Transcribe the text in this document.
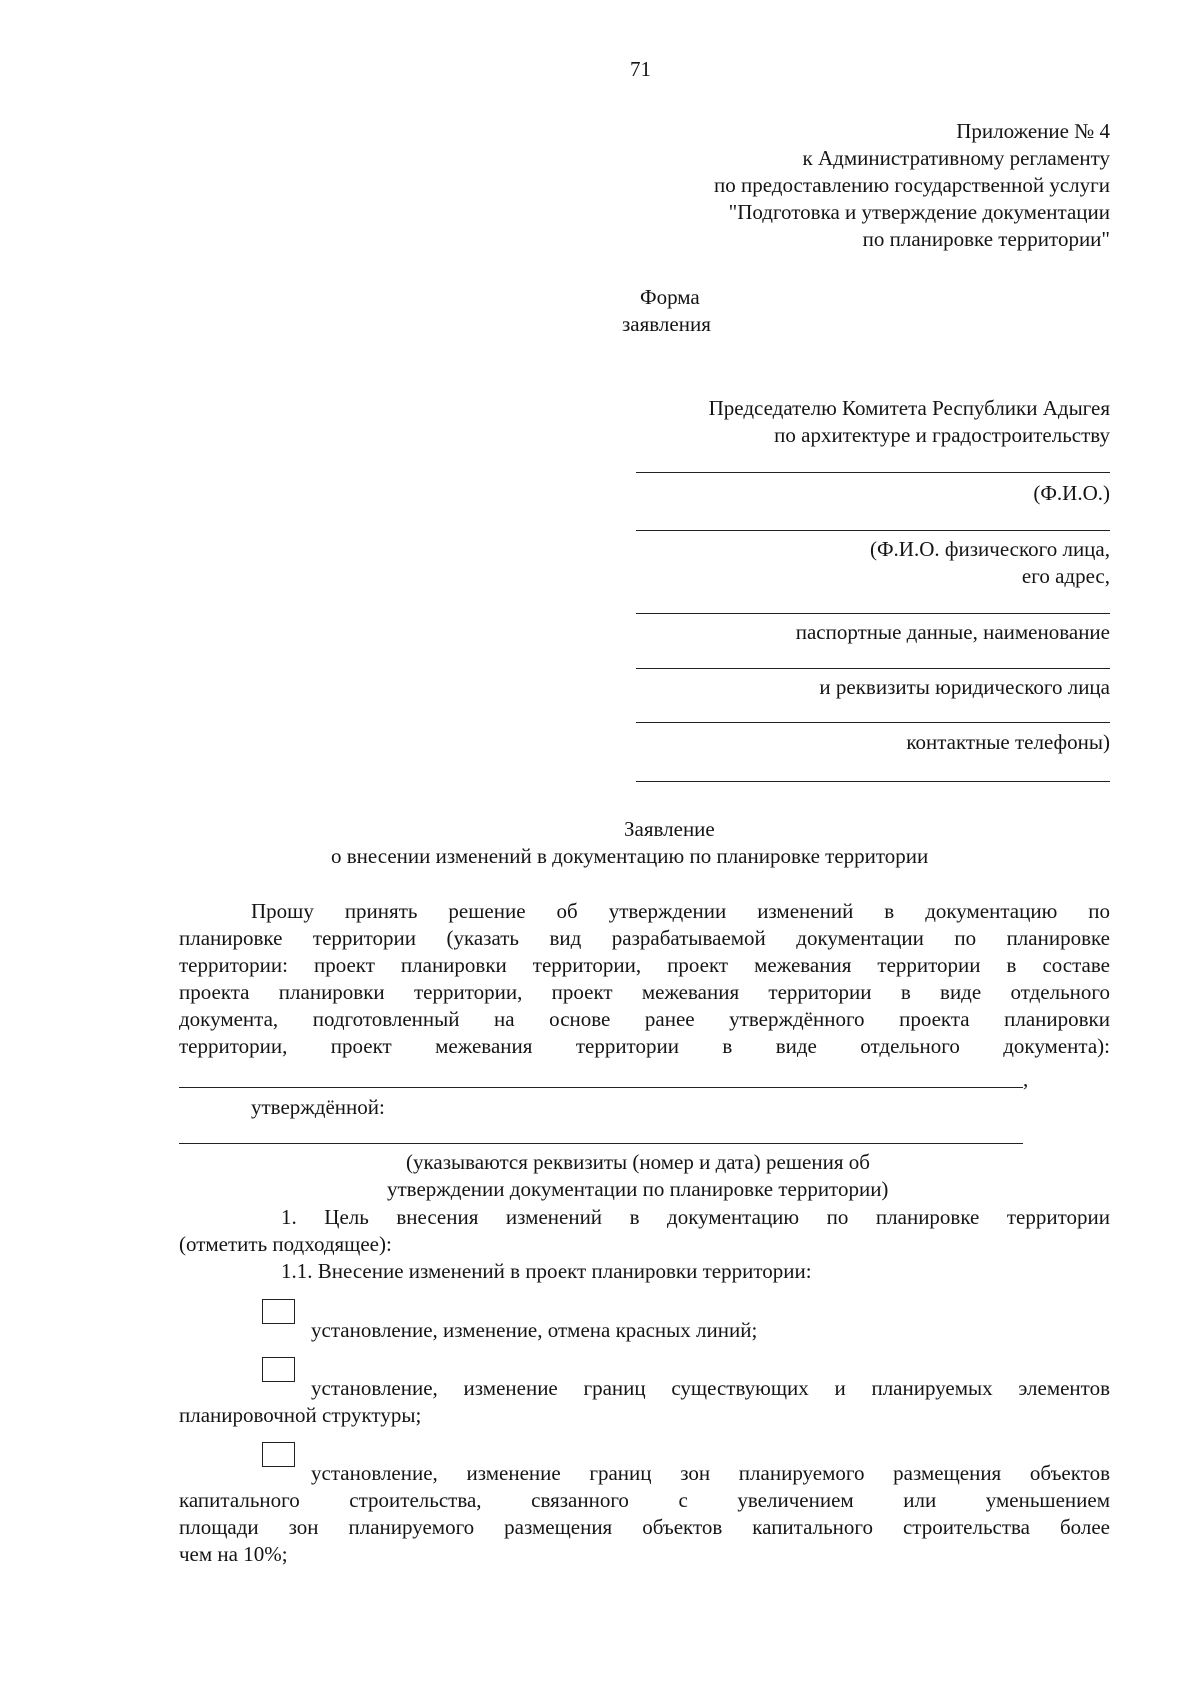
71
Приложение № 4
к Административному регламенту
по предоставлению государственной услуги
"Подготовка и утверждение документации
по планировке территории"
Форма
заявления
Председателю Комитета Республики Адыгея
по архитектуре и градостроительству
(Ф.И.О.)
(Ф.И.О. физического лица,
его адрес,
паспортные данные, наименование
и реквизиты юридического лица
контактные телефоны)
Заявление
о внесении изменений в документацию по планировке территории
Прошу принять решение об утверждении изменений в документацию по
планировке территории (указать вид разрабатываемой документации по планировке
территории: проект планировки территории, проект межевания территории в составе
проекта планировки территории, проект межевания территории в виде отдельного
документа, подготовленный на основе ранее утверждённого проекта планировки
территории, проект межевания территории в виде отдельного документа):
,
утверждённой:
(указываются реквизиты (номер и дата) решения об
утверждении документации по планировке территории)
1. Цель внесения изменений в документацию по планировке территории
(отметить подходящее):
1.1. Внесение изменений в проект планировки территории:
установление, изменение, отмена красных линий;
установление, изменение границ существующих и планируемых элементов
планировочной структуры;
установление, изменение границ зон планируемого размещения объектов
капитального строительства, связанного с увеличением или уменьшением
площади зон планируемого размещения объектов капитального строительства более
чем на 10%;
